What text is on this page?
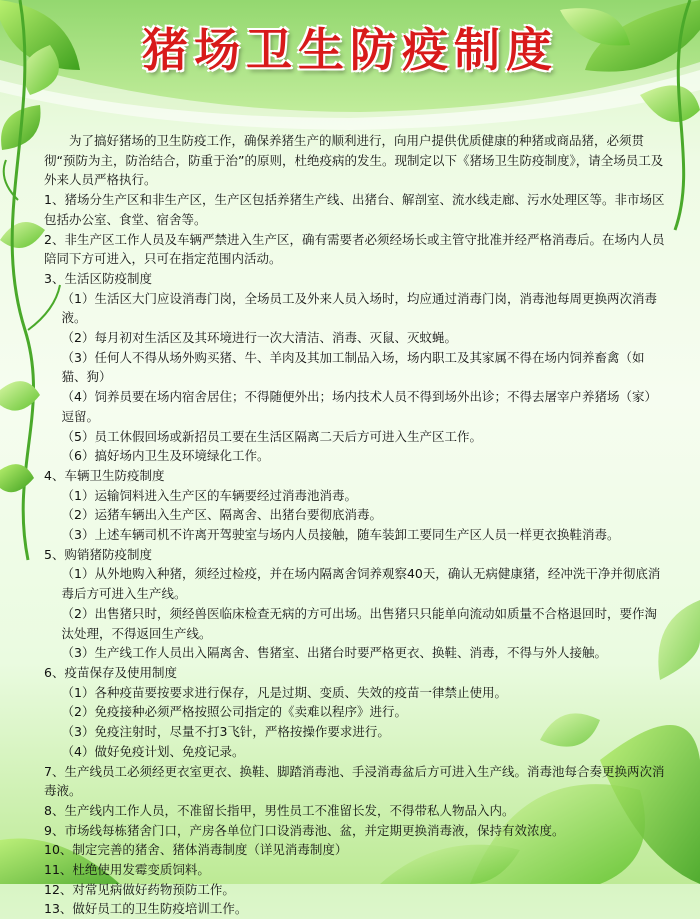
猪场卫生防疫制度

为了搞好猪场的卫生防疫工作，确保养猪生产的顺利进行，向用户提供优质健康的种猪或商品猪，必须贯彻“预防为主，防治结合，防重于治”的原则，杜绝疫病的发生。现制定以下《猪场卫生防疫制度》，请全场员工及外来人员严格执行。

1、猪场分生产区和非生产区，生产区包括养猪生产线、出猪台、解剖室、流水线走廊、污水处理区等。非市场区包括办公室、食堂、宿舍等。

2、非生产区工作人员及车辆严禁进入生产区，确有需要者必须经场长或主管守批准并经严格消毒后。在场内人员陪同下方可进入，只可在指定范围内活动。

3、生活区防疫制度

（1）生活区大门应设消毒门岗，全场员工及外来人员入场时，均应通过消毒门岗，消毒池每周更换两次消毒液。

（2）每月初对生活区及其环境进行一次大清洁、消毒、灭鼠、灭蚊蝇。

（3）任何人不得从场外购买猪、牛、羊肉及其加工制品入场，场内职工及其家属不得在场内饲养畜禽（如猫、狗）

（4）饲养员要在场内宿舍居住；不得随便外出；场内技术人员不得到场外出诊；不得去屠宰户养猪场（家）逗留。

（5）员工休假回场或新招员工要在生活区隔离二天后方可进入生产区工作。

（6）搞好场内卫生及环境绿化工作。

4、车辆卫生防疫制度

（1）运输饲料进入生产区的车辆要经过消毒池消毒。

（2）运猪车辆出入生产区、隔离舍、出猪台要彻底消毒。

（3）上述车辆司机不许离开驾驶室与场内人员接触，随车装卸工要同生产区人员一样更衣换鞋消毒。

5、购销猪防疫制度

（1）从外地购入种猪，须经过检疫，并在场内隔离舍饲养观察40天，确认无病健康猪，经冲洗干净并彻底消毒后方可进入生产线。

（2）出售猪只时，须经兽医临床检查无病的方可出场。出售猪只只能单向流动如质量不合格退回时，要作淘汰处理，不得返回生产线。

（3）生产线工作人员出入隔离舍、售猪室、出猪台时要严格更衣、换鞋、消毒，不得与外人接触。

6、疫苗保存及使用制度

（1）各种疫苗要按要求进行保存，凡是过期、变质、失效的疫苗一律禁止使用。

（2）免疫接种必须严格按照公司指定的《卖难以程序》进行。

（3）免疫注射时，尽量不打3飞针，严格按操作要求进行。

（4）做好免疫计划、免疫记录。

7、生产线员工必须经更衣室更衣、换鞋、脚踏消毒池、手浸消毒盆后方可进入生产线。消毒池每合奏更换两次消毒液。

8、生产线内工作人员，不准留长指甲，男性员工不准留长发，不得带私人物品入内。

9、市场线每栋猪舍门口，产房各单位门口设消毒池、盆，并定期更换消毒液，保持有效浓度。

10、制定完善的猪舍、猪体消毒制度（详见消毒制度）

11、杜绝使用发霉变质饲料。

12、对常见病做好药物预防工作。

13、做好员工的卫生防疫培训工作。
